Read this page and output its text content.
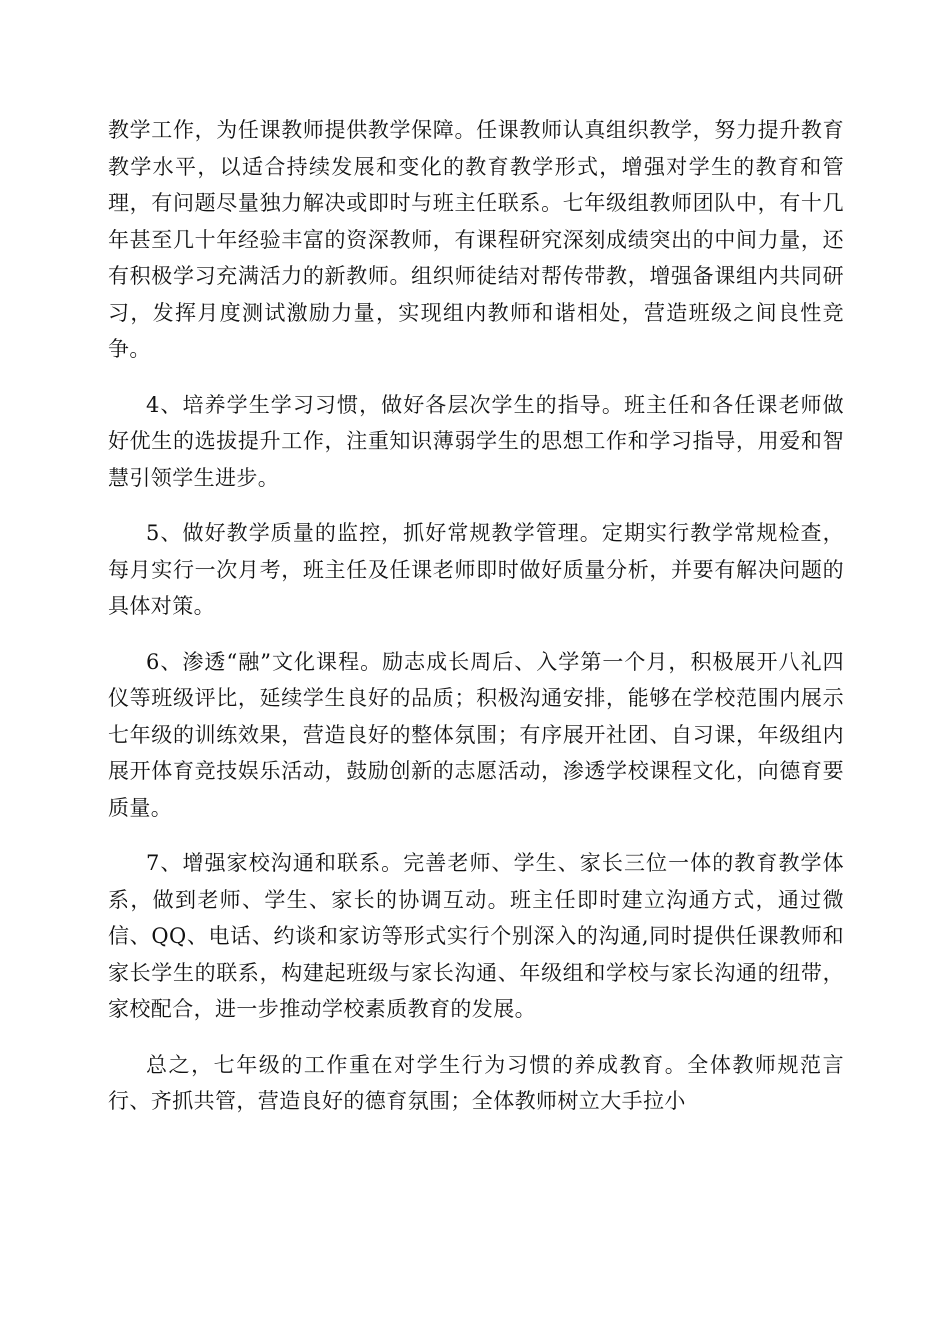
教学工作，为任课教师提供教学保障。任课教师认真组织教学，努力提升教育教学水平，以适合持续发展和变化的教育教学形式，增强对学生的教育和管理，有问题尽量独力解决或即时与班主任联系。七年级组教师团队中，有十几年甚至几十年经验丰富的资深教师，有课程研究深刻成绩突出的中间力量，还有积极学习充满活力的新教师。组织师徒结对帮传带教，增强备课组内共同研习，发挥月度测试激励力量，实现组内教师和谐相处，营造班级之间良性竞争。

4、培养学生学习习惯，做好各层次学生的指导。班主任和各任课老师做好优生的选拔提升工作，注重知识薄弱学生的思想工作和学习指导，用爱和智慧引领学生进步。

5、做好教学质量的监控，抓好常规教学管理。定期实行教学常规检查，每月实行一次月考，班主任及任课老师即时做好质量分析，并要有解决问题的具体对策。

6、渗透“融”文化课程。励志成长周后、入学第一个月，积极展开八礼四仪等班级评比，延续学生良好的品质；积极沟通安排，能够在学校范围内展示七年级的训练效果，营造良好的整体氛围；有序展开社团、自习课，年级组内展开体育竞技娱乐活动，鼓励创新的志愿活动，渗透学校课程文化，向德育要质量。

7、增强家校沟通和联系。完善老师、学生、家长三位一体的教育教学体系，做到老师、学生、家长的协调互动。班主任即时建立沟通方式，通过微信、QQ、电话、约谈和家访等形式实行个别深入的沟通,同时提供任课教师和家长学生的联系，构建起班级与家长沟通、年级组和学校与家长沟通的纽带，家校配合，进一步推动学校素质教育的发展。

总之，七年级的工作重在对学生行为习惯的养成教育。全体教师规范言行、齐抓共管，营造良好的德育氛围；全体教师树立大手拉小
